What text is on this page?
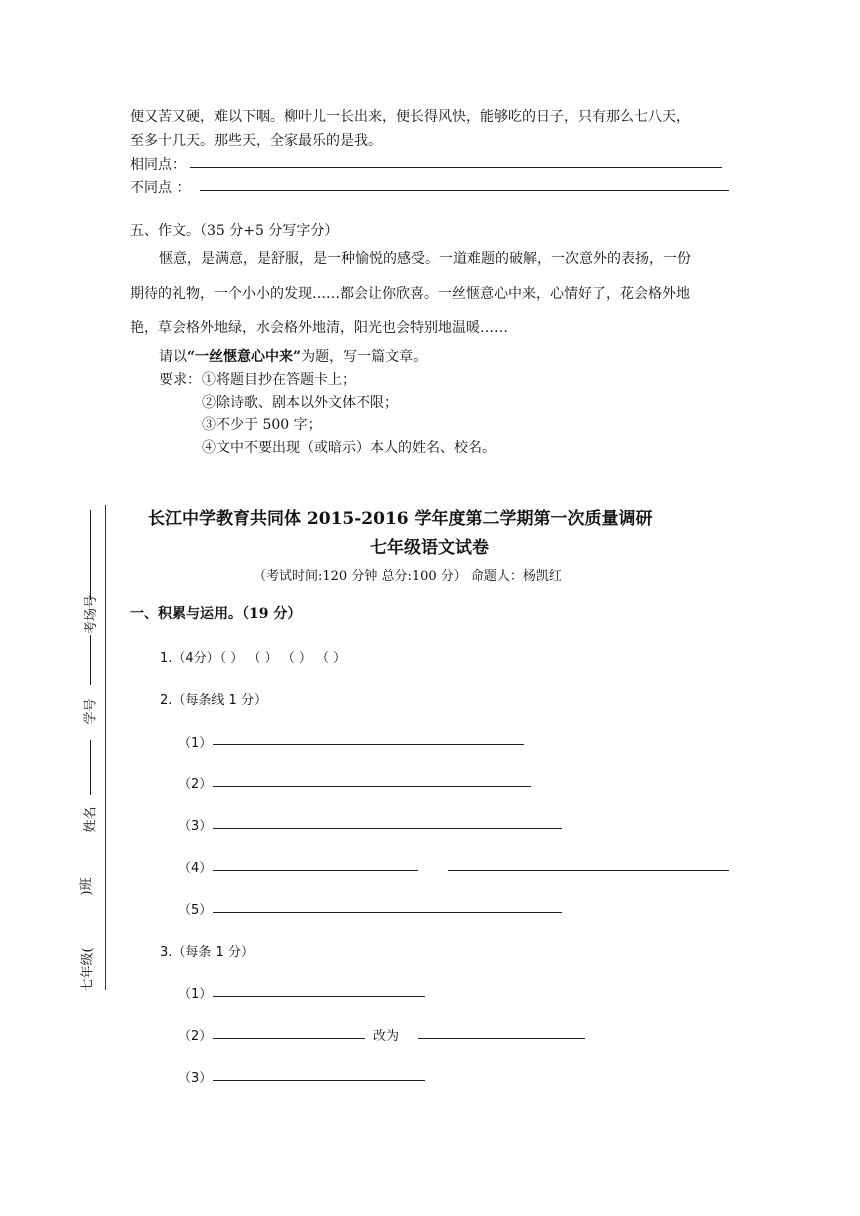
便又苦又硬，难以下咽。柳叶儿一长出来，便长得风快，能够吃的日子，只有那么七八天，
至多十几天。那些天，全家最乐的是我。
相同点：
不同点 ：
五、作文。（35 分+5 分写字分）
惬意，是满意，是舒服，是一种愉悦的感受。一道难题的破解，一次意外的表扬，一份
期待的礼物，一个小小的发现……都会让你欣喜。一丝惬意心中来，心情好了，花会格外地
艳，草会格外地绿，水会格外地清，阳光也会特别地温暖……
请以“一丝惬意心中来”为题，写一篇文章。
要求： ①将题目抄在答题卡上；
②除诗歌、剧本以外文体不限；
③不少于 500 字；
④文中不要出现（或暗示）本人的姓名、校名。
考场号
学号
姓名
)班
七年级(
长江中学教育共同体 2015-2016 学年度第二学期第一次质量调研
七年级语文试卷
（考试时间:120 分钟 总分:100 分） 命题人：杨凯红
一、积累与运用。（19 分）
1.（4分）（ ） （ ） （ ） （ ）
2.（每条线 1 分）
（1）
（2）
（3）
（4）
（5）
3.（每条 1 分）
（1）
（2）	改为
（3）
